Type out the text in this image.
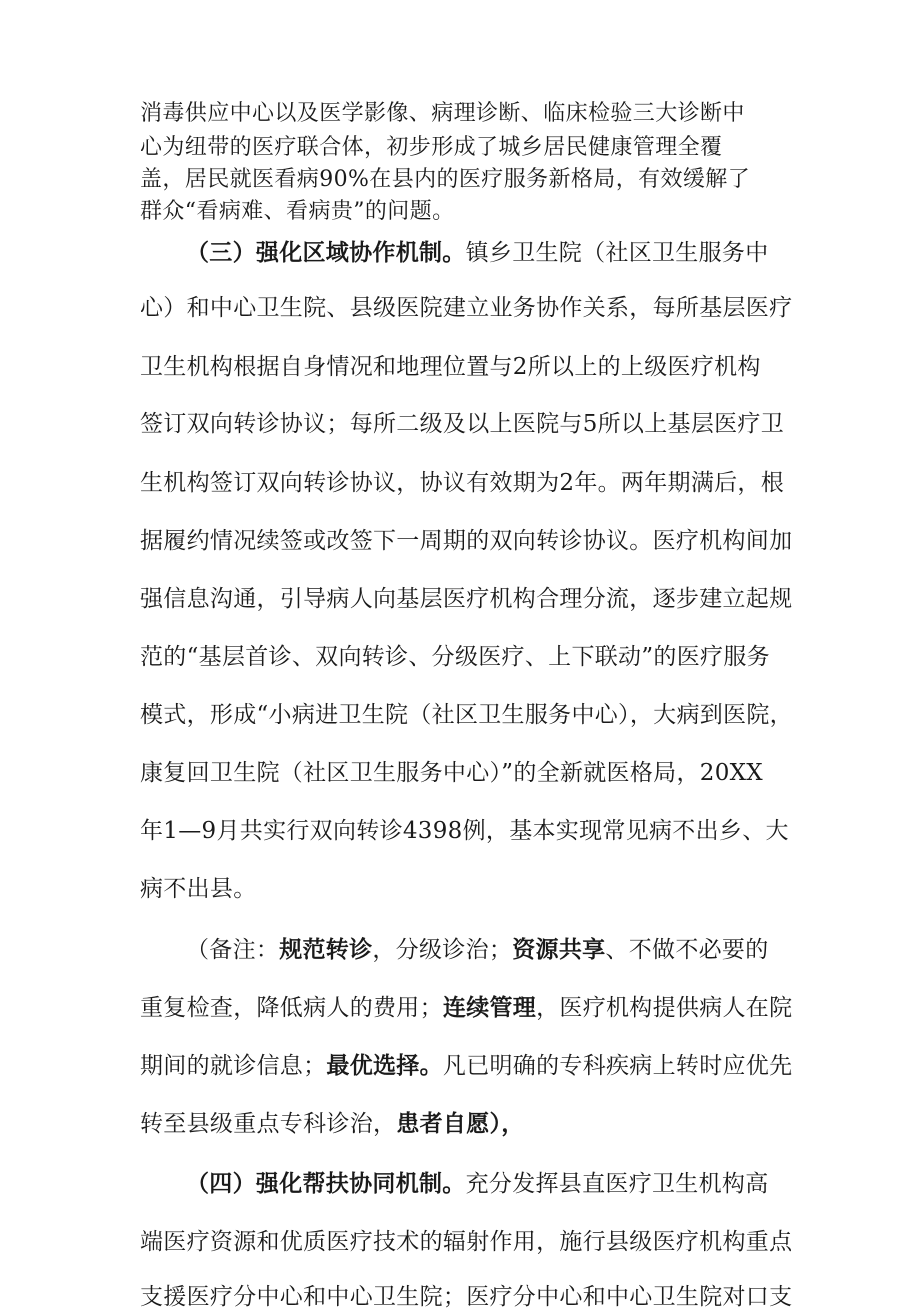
消毒供应中心以及医学影像、病理诊断、临床检验三大诊断中
心为纽带的医疗联合体，初步形成了城乡居民健康管理全覆
盖，居民就医看病90%在县内的医疗服务新格局，有效缓解了
群众“看病难、看病贵”的问题。
（三）强化区域协作机制。镇乡卫生院（社区卫生服务中
心）和中心卫生院、县级医院建立业务协作关系，每所基层医疗
卫生机构根据自身情况和地理位置与2所以上的上级医疗机构
签订双向转诊协议；每所二级及以上医院与5所以上基层医疗卫
生机构签订双向转诊协议，协议有效期为2年。两年期满后，根
据履约情况续签或改签下一周期的双向转诊协议。医疗机构间加
强信息沟通，引导病人向基层医疗机构合理分流，逐步建立起规
范的“基层首诊、双向转诊、分级医疗、上下联动”的医疗服务
模式，形成“小病进卫生院（社区卫生服务中心），大病到医院，
康复回卫生院（社区卫生服务中心）”的全新就医格局，20XX
年1—9月共实行双向转诊4398例，基本实现常见病不出乡、大
病不出县。
（备注：规范转诊，分级诊治；资源共享、不做不必要的
重复检查，降低病人的费用；连续管理，医疗机构提供病人在院
期间的就诊信息；最优选择。凡已明确的专科疾病上转时应优先
转至县级重点专科诊治，患者自愿），
（四）强化帮扶协同机制。充分发挥县直医疗卫生机构高
端医疗资源和优质医疗技术的辐射作用，施行县级医疗机构重点
支援医疗分中心和中心卫生院；医疗分中心和中心卫生院对口支
